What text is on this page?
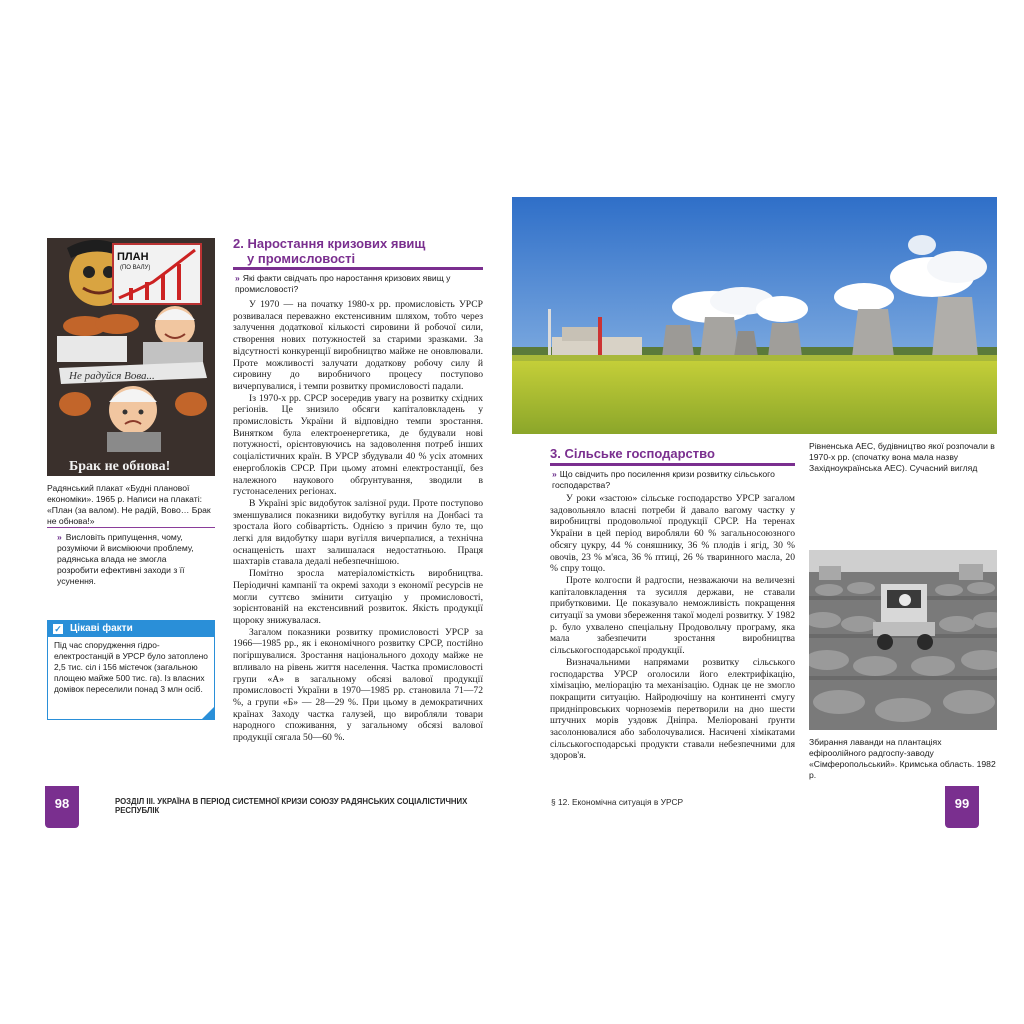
ПЛАН
(ПО ВАЛУ)
Не радуйся Вова...
Брак не обнова!
Радянський плакат «Будні планової економіки». 1965 р. Написи на плакаті: «План (за валом). Не радій, Вово… Брак не обнова!»
» Висловіть припущення, чому, розуміючи й висміюючи проблему, радянська влада не змогла розробити ефективні заходи з її усунення.
✓ Цікаві факти
Під час спорудження гідро-електростанцій в УРСР було затоплено 2,5 тис. сіл і 156 містечок (загальною площею майже 500 тис. га). Із власних домівок переселили понад 3 млн осіб.
2. Наростання кризових явищ
у промисловості
» Які факти свідчать про наростання кризових явищ у промисловості?

У 1970 — на початку 1980-х рр. промисловість УРСР розвивалася переважно екстенсивним шляхом, тобто через залучення додаткової кількості сировини й робочої сили, створення нових потужностей за старими зразками. За відсутності конкуренції виробництво майже не оновлювали. Проте можливості залучати додаткову робочу силу й сировину до виробничого процесу поступово вичерпувалися, і темпи розвитку промисловості падали.

Із 1970-х рр. СРСР зосередив увагу на розвитку східних регіонів. Це знизило обсяги капіталовкладень у промисловість України й відповідно темпи зростання. Винятком була електроенергетика, де будували нові потужності, орієнтовуючись на задоволення потреб інших соціалістичних країн. В УРСР збудували 40 % усіх атомних енергоблоків СРСР. При цьому атомні електростанції, без належного наукового обґрунтування, зводили в густонаселених регіонах.

В Україні зріс видобуток залізної руди. Проте поступово зменшувалися показники видобутку вугілля на Донбасі та зростала його собівартість. Однією з причин було те, що легкі для видобутку шари вугілля вичерпалися, а технічна оснащеність шахт залишалася недостатньою. Праця шахтарів ставала дедалі небезпечнішою.

Помітно зросла матеріаломісткість виробництва. Періодичні кампанії та окремі заходи з економії ресурсів не могли суттєво змінити ситуацію у промисловості, зорієнтованій на екстенсивний розвиток. Якість продукції щороку знижувалася.

Загалом показники розвитку промисловості УРСР за 1966—1985 рр., як і економічного розвитку СРСР, постійно погіршувалися. Зростання національного доходу майже не впливало на рівень життя населення. Частка промисловості групи «А» в загальному обсязі валової продукції промисловості України в 1970—1985 рр. становила 71—72 %, а групи «Б» — 28—29 %. При цьому в демократичних країнах Заходу частка галузей, що виробляли товари народного споживання, у загальному обсязі валової продукції сягала 50—60 %.

98	РОЗДІЛ ІІІ. УКРАЇНА В ПЕРІОД СИСТЕМНОЇ КРИЗИ СОЮЗУ РАДЯНСЬКИХ СОЦІАЛІСТИЧНИХ РЕСПУБЛІК
Рівненська АЕС, будівництво якої розпочали в 1970-х рр. (спочатку вона мала назву Західноукраїнська АЕС). Сучасний вигляд
3. Сільське господарство
» Що свідчить про посилення кризи розвитку сільського господарства?

У роки «застою» сільське господарство УРСР загалом задовольняло власні потреби й давало вагому частку у виробництві продовольчої продукції СРСР. На теренах України в цей період виробляли 60 % загальносоюзного обсягу цукру, 44 % соняшнику, 36 % плодів і ягід, 30 % овочів, 23 % м'яса, 36 % птиці, 26 % тваринного масла, 20 % спру тощо.

Проте колгоспи й радгоспи, незважаючи на величезні капіталовкладення та зусилля держави, не ставали прибутковими. Це показувало неможливість покращення ситуації за умови збереження такої моделі розвитку. У 1982 р. було ухвалено спеціальну Продовольчу програму, яка мала забезпечити зростання виробництва сільськогосподарської продукції.

Визначальними напрямами розвитку сільського господарства УРСР оголосили його електрифікацію, хімізацію, меліорацію та механізацію. Однак це не змогло покращити ситуацію. Найродючішу на континенті смугу придніпровських чорноземів перетворили на дно шести штучних морів уздовж Дніпра. Меліоровані ґрунти засолонювалися або заболочувалися. Насичені хімікатами сільськогосподарські продукти ставали небезпечними для здоров'я.

Збирання лаванди на плантаціях ефіроолійного радгоспу-заводу «Сімферопольський». Кримська область. 1982 р.
§ 12. Економічна ситуація в УРСР	99
